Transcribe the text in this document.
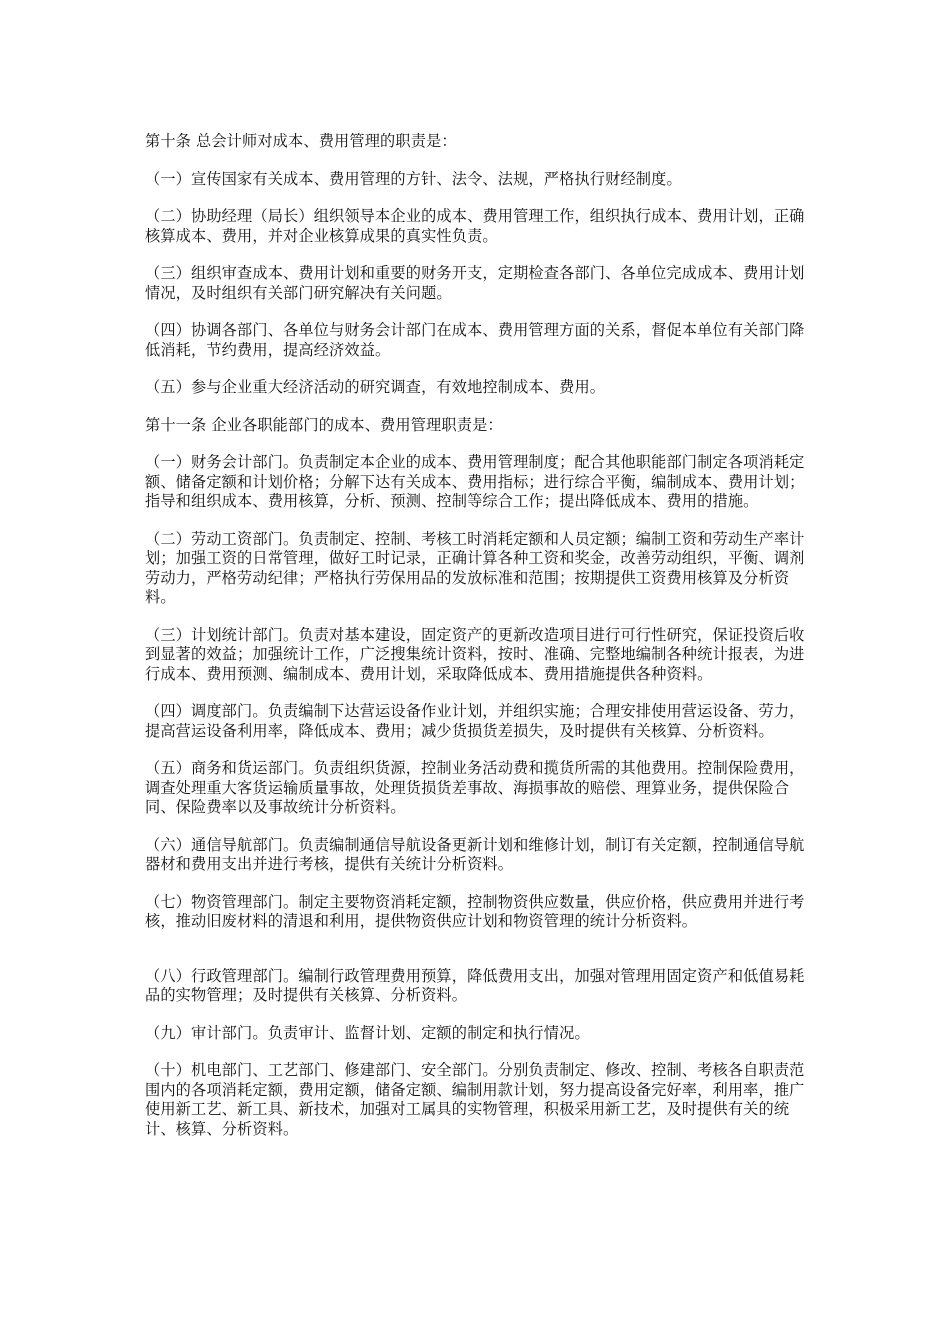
第十条 总会计师对成本、费用管理的职责是：

（一）宣传国家有关成本、费用管理的方针、法令、法规，严格执行财经制度。

（二）协助经理（局长）组织领导本企业的成本、费用管理工作，组织执行成本、费用计划，正确核算成本、费用，并对企业核算成果的真实性负责。

（三）组织审查成本、费用计划和重要的财务开支，定期检查各部门、各单位完成成本、费用计划情况，及时组织有关部门研究解决有关问题。

（四）协调各部门、各单位与财务会计部门在成本、费用管理方面的关系，督促本单位有关部门降低消耗，节约费用，提高经济效益。

（五）参与企业重大经济活动的研究调查，有效地控制成本、费用。

第十一条 企业各职能部门的成本、费用管理职责是：

（一）财务会计部门。负责制定本企业的成本、费用管理制度；配合其他职能部门制定各项消耗定额、储备定额和计划价格；分解下达有关成本、费用指标；进行综合平衡，编制成本、费用计划；指导和组织成本、费用核算，分析、预测、控制等综合工作；提出降低成本、费用的措施。

（二）劳动工资部门。负责制定、控制、考核工时消耗定额和人员定额；编制工资和劳动生产率计划；加强工资的日常管理，做好工时记录，正确计算各种工资和奖金，改善劳动组织，平衡、调剂劳动力，严格劳动纪律；严格执行劳保用品的发放标准和范围；按期提供工资费用核算及分析资料。

（三）计划统计部门。负责对基本建设，固定资产的更新改造项目进行可行性研究，保证投资后收到显著的效益；加强统计工作，广泛搜集统计资料，按时、准确、完整地编制各种统计报表，为进行成本、费用预测、编制成本、费用计划，采取降低成本、费用措施提供各种资料。

（四）调度部门。负责编制下达营运设备作业计划，并组织实施；合理安排使用营运设备、劳力，提高营运设备利用率，降低成本、费用；减少货损货差损失，及时提供有关核算、分析资料。

（五）商务和货运部门。负责组织货源，控制业务活动费和揽货所需的其他费用。控制保险费用，调查处理重大客货运输质量事故，处理货损货差事故、海损事故的赔偿、理算业务，提供保险合同、保险费率以及事故统计分析资料。

（六）通信导航部门。负责编制通信导航设备更新计划和维修计划，制订有关定额，控制通信导航器材和费用支出并进行考核，提供有关统计分析资料。

（七）物资管理部门。制定主要物资消耗定额，控制物资供应数量，供应价格，供应费用并进行考核，推动旧废材料的清退和利用，提供物资供应计划和物资管理的统计分析资料。

（八）行政管理部门。编制行政管理费用预算，降低费用支出，加强对管理用固定资产和低值易耗品的实物管理；及时提供有关核算、分析资料。

（九）审计部门。负责审计、监督计划、定额的制定和执行情况。

（十）机电部门、工艺部门、修建部门、安全部门。分别负责制定、修改、控制、考核各自职责范围内的各项消耗定额，费用定额，储备定额、编制用款计划，努力提高设备完好率，利用率，推广使用新工艺、新工具、新技术，加强对工属具的实物管理，积极采用新工艺，及时提供有关的统计、核算、分析资料。
